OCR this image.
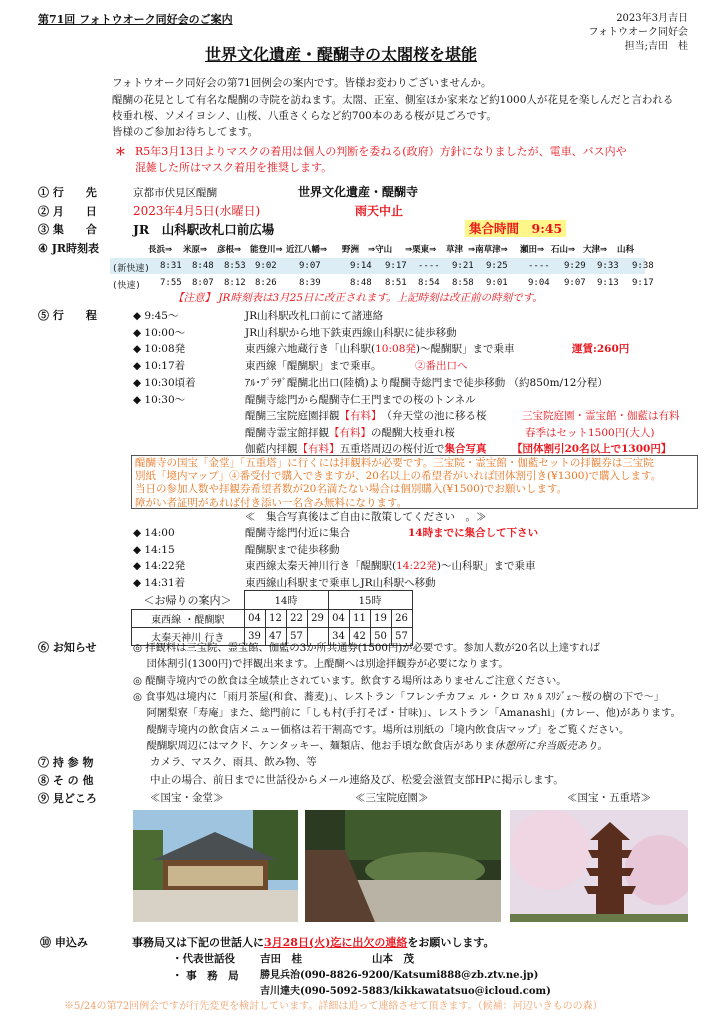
第71回 フォトウオーク同好会のご案内	2023年3月吉日
フォトウオーク同好会
担当;吉田　桂
世界文化遺産・醍醐寺の太閤桜を堪能
フォトウオーク同好会の第71回例会の案内です。皆様お変わりございませんか。
醍醐の花見として有名な醍醐の寺院を訪ねます。太閤、正室、側室ほか家来など約1000人が花見を楽しんだと言われる
枝垂れ桜、ソメイヨシノ、山桜、八重さくらなど約700本のある桜が見ごろです。
皆様のご参加お待ちしてます。
＊ R5年3月13日よりマスクの着用は個人の判断を委ねる(政府）方針になりましたが、電車、バス内や
混雑した所はマスク着用を推奨します。
① 行　　先	京都市伏見区醍醐	世界文化遺産・醍醐寺
② 月　　日	2023年4月5日(水曜日)	雨天中止
③ 集　　合	JR　山科駅改札口前広場	集合時間　9:45
④ JR時刻表	長浜⇒ 米原⇒ 彦根⇒ 能登川⇒ 近江八幡⇒ 野洲 ⇒守山 ⇒栗東⇒ 草津 ⇒南草津⇒ 瀬田⇒ 石山⇒ 大津⇒ 山科
(新快速) 8:31 8:48 8:53 9:02 9:07	9:14 9:17 ---- 9:21 9:25 ---- 9:29 9:33 9:38
(快速) 7:55 8:07 8:12 8:26 8:39	8:48 8:51 8:54 8:58 9:01 9:04 9:07 9:13 9:17
【注意】 JR時刻表は3月25日に改正されます。上記時刻は改正前の時刻です。
⑤ 行　　程	◆ 9:45～	JR山科駅改札口前にて諸連絡
◆ 10:00～	JR山科駅から地下鉄東西線山科駅に徒歩移動
◆ 10:08発	東西線六地蔵行き「山科駅(10:08発)～醍醐駅」まで乗車	運賃:260円
◆ 10:17着	東西線「醍醐駅」まで乗車。	②番出口へ
◆ 10:30頃着	ｱﾙ･ﾌﾟﾗｻﾞ醍醐北出口(陸橋)より醍醐寺総門まで徒歩移動 （約850m/12分程）
◆ 10:30～	醍醐寺総門から醍醐寺仁王門までの桜のトンネル
醍醐三宝院庭園拝観【有料】　（弁天堂の池に移る桜	三宝院庭園・霊宝館・伽藍は有料
醍醐寺霊宝館拝観【有料】の醍醐大枝垂れ桜	春季はセット1500円(大人)
伽藍内拝観【有料】五重塔周辺の桜付近で集合写真 【団体割引20名以上で1300円】
醍醐寺の国宝「金堂」「五重塔」に行くには拝観料が必要です。三宝院・霊宝館・伽藍セットの拝観券は三宝院
別紙「境内マップ」④番受付で購入できますが、20名以上の希望者がいれば団体割引き(¥1300)で購入します。
当日の参加人数や拝観券希望者数が20名満たない場合は個別購入(¥1500)でお願いします。
障がい者証明があれば付き添い一名含み無料になります。
≪　集合写真後はご自由に散策してください　。≫
◆ 14:00	醍醐寺総門付近に集合	14時までに集合して下さい
◆ 14:15	醍醐駅まで徒歩移動
◆ 14:22発	東西線太秦天神川行き「醍醐駅(14:22発)～山科駅」まで乗車
◆ 14:31着	東西線山科駅まで乗車しJR山科駅へ移動
＜お帰りの案内＞	14時				15時			
東西線 ・醍醐駅	04	12	22	29	04	11	19	26
太秦天神川 行き	39	47	57		34	42	50	57
⑥ お知らせ	◎ 拝観料は三宝院、霊宝館、伽藍の3か所共通券(1500円)が必要です。参加人数が20名以上達すれば
　 団体割引(1300円)で拝観出来ます。上醍醐へは別途拝観券が必要になります。
◎ 醍醐寺境内での飲食は全域禁止されています。飲食する場所はありませんご注意ください。
◎ 食事処は境内に「雨月茶屋(和食、蕎麦)」、レストラン「フレンチカフェ ル・クロ ｽｩ ﾙ ｽﾘｼﾞｪ～桜の樹の下で～」
　 阿闍梨寮「寿庵」また、総門前に「しも村(手打そば・甘味)」、レストラン「Amanashi」(カレー、他)があります。
　 醍醐寺境内の飲食店メニュー価格は若干割高です。場所は別紙の「境内飲食店マップ」をご覧ください。
　 醍醐駅周辺にはマクド、ケンタッキー、麺類店、他お手頃な飲食店がありま休憩所に弁当販売あり。
⑦ 持 参 物	カメラ、マスク、雨具、飲み物、等
⑧ そ の 他	中止の場合、前日までに世話役からメール連絡及び、松愛会滋賀支部HPに掲示します。
⑨ 見どころ	≪国宝・金堂≫	≪三宝院庭園≫	≪国宝・五重塔≫
⑩ 申込み	事務局又は下記の世話人に3月28日(火)迄に出欠の連絡をお願いします。
・代表世話役 吉田　桂	山本　茂
・ 事　務　局 勝見兵治(090-8826-9200/Katsumi888@zb.ztv.ne.jp)
吉川達夫(090-5092-5883/kikkawatatsuo@icloud.com)
※5/24の第72回例会ですが行先変更を検討しています。詳細は追って連絡させて頂きます。（候補：河辺いきものの森）
